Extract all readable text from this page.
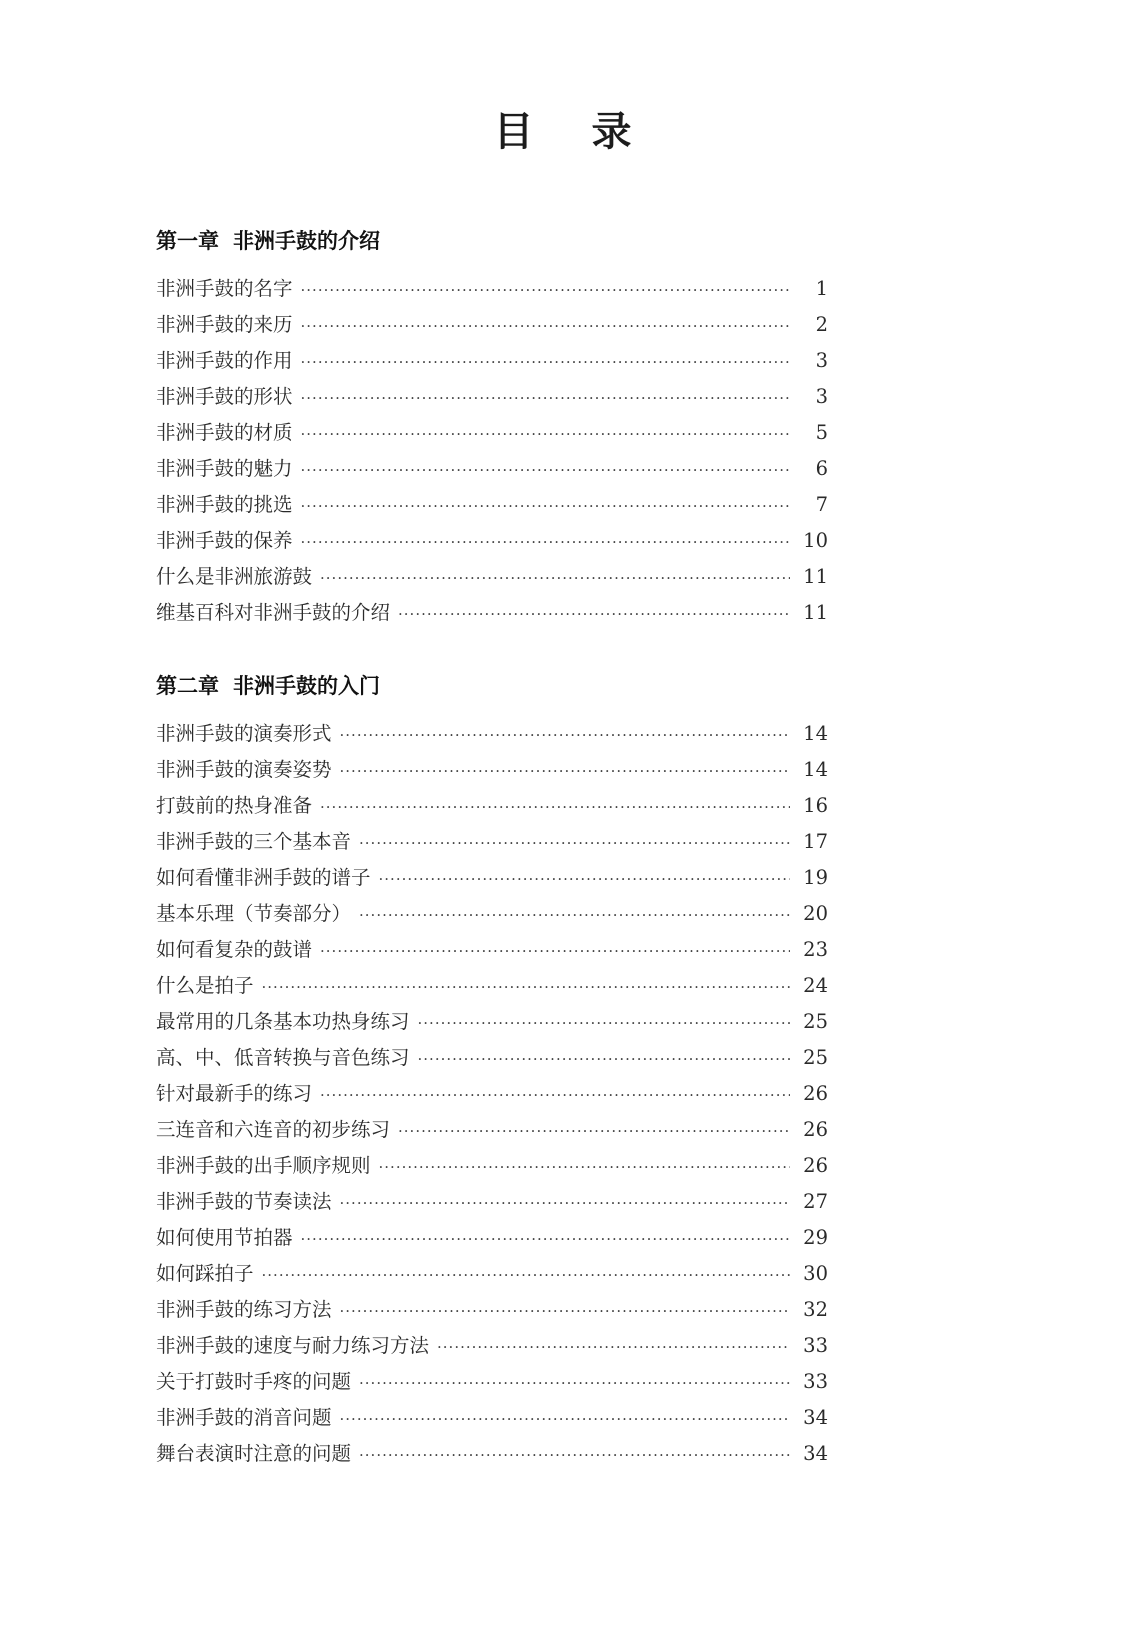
目 录
第一章 非洲手鼓的介绍
非洲手鼓的名字 ·····	1
非洲手鼓的来历 ·····	2
非洲手鼓的作用 ·····	3
非洲手鼓的形状 ·····	3
非洲手鼓的材质 ·····	5
非洲手鼓的魅力 ·····	6
非洲手鼓的挑选 ·····	7
非洲手鼓的保养 ·····	10
什么是非洲旅游鼓 ·····	11
维基百科对非洲手鼓的介绍 ·····	11
第二章 非洲手鼓的入门
非洲手鼓的演奏形式 ·····	14
非洲手鼓的演奏姿势 ·····	14
打鼓前的热身准备 ·····	16
非洲手鼓的三个基本音 ·····	17
如何看懂非洲手鼓的谱子 ·····	19
基本乐理（节奏部分） ·····	20
如何看复杂的鼓谱 ·····	23
什么是拍子 ·····	24
最常用的几条基本功热身练习 ·····	25
高、中、低音转换与音色练习 ·····	25
针对最新手的练习 ·····	26
三连音和六连音的初步练习 ·····	26
非洲手鼓的出手顺序规则 ·····	26
非洲手鼓的节奏读法 ·····	27
如何使用节拍器 ·····	29
如何踩拍子 ·····	30
非洲手鼓的练习方法 ·····	32
非洲手鼓的速度与耐力练习方法 ·····	33
关于打鼓时手疼的问题 ·····	33
非洲手鼓的消音问题 ·····	34
舞台表演时注意的问题 ·····	34
